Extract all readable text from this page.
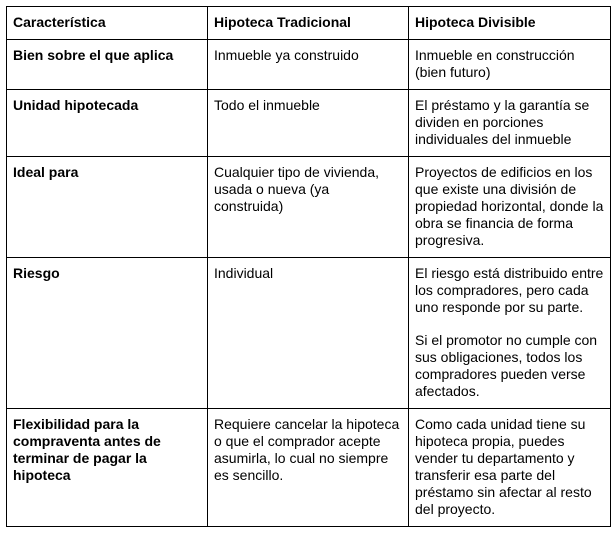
Característica	Hipoteca Tradicional	Hipoteca Divisible
Bien sobre el que aplica	Inmueble ya construido	Inmueble en construcción (bien futuro)

Unidad hipotecada	Todo el inmueble	El préstamo y la garantía se dividen en porciones individuales del inmueble

Ideal para	Cualquier tipo de vivienda, usada o nueva (ya construida)	Proyectos de edificios en los que existe una división de propiedad horizontal, donde la obra se financia de forma progresiva.

Riesgo	Individual	El riesgo está distribuido entre los compradores, pero cada uno responde por su parte.
Si el promotor no cumple con sus obligaciones, todos los compradores pueden verse afectados.

Flexibilidad para la compraventa antes de terminar de pagar la hipoteca	Requiere cancelar la hipoteca o que el comprador acepte asumirla, lo cual no siempre es sencillo.	Como cada unidad tiene su hipoteca propia, puedes vender tu departamento y transferir esa parte del préstamo sin afectar al resto del proyecto.
